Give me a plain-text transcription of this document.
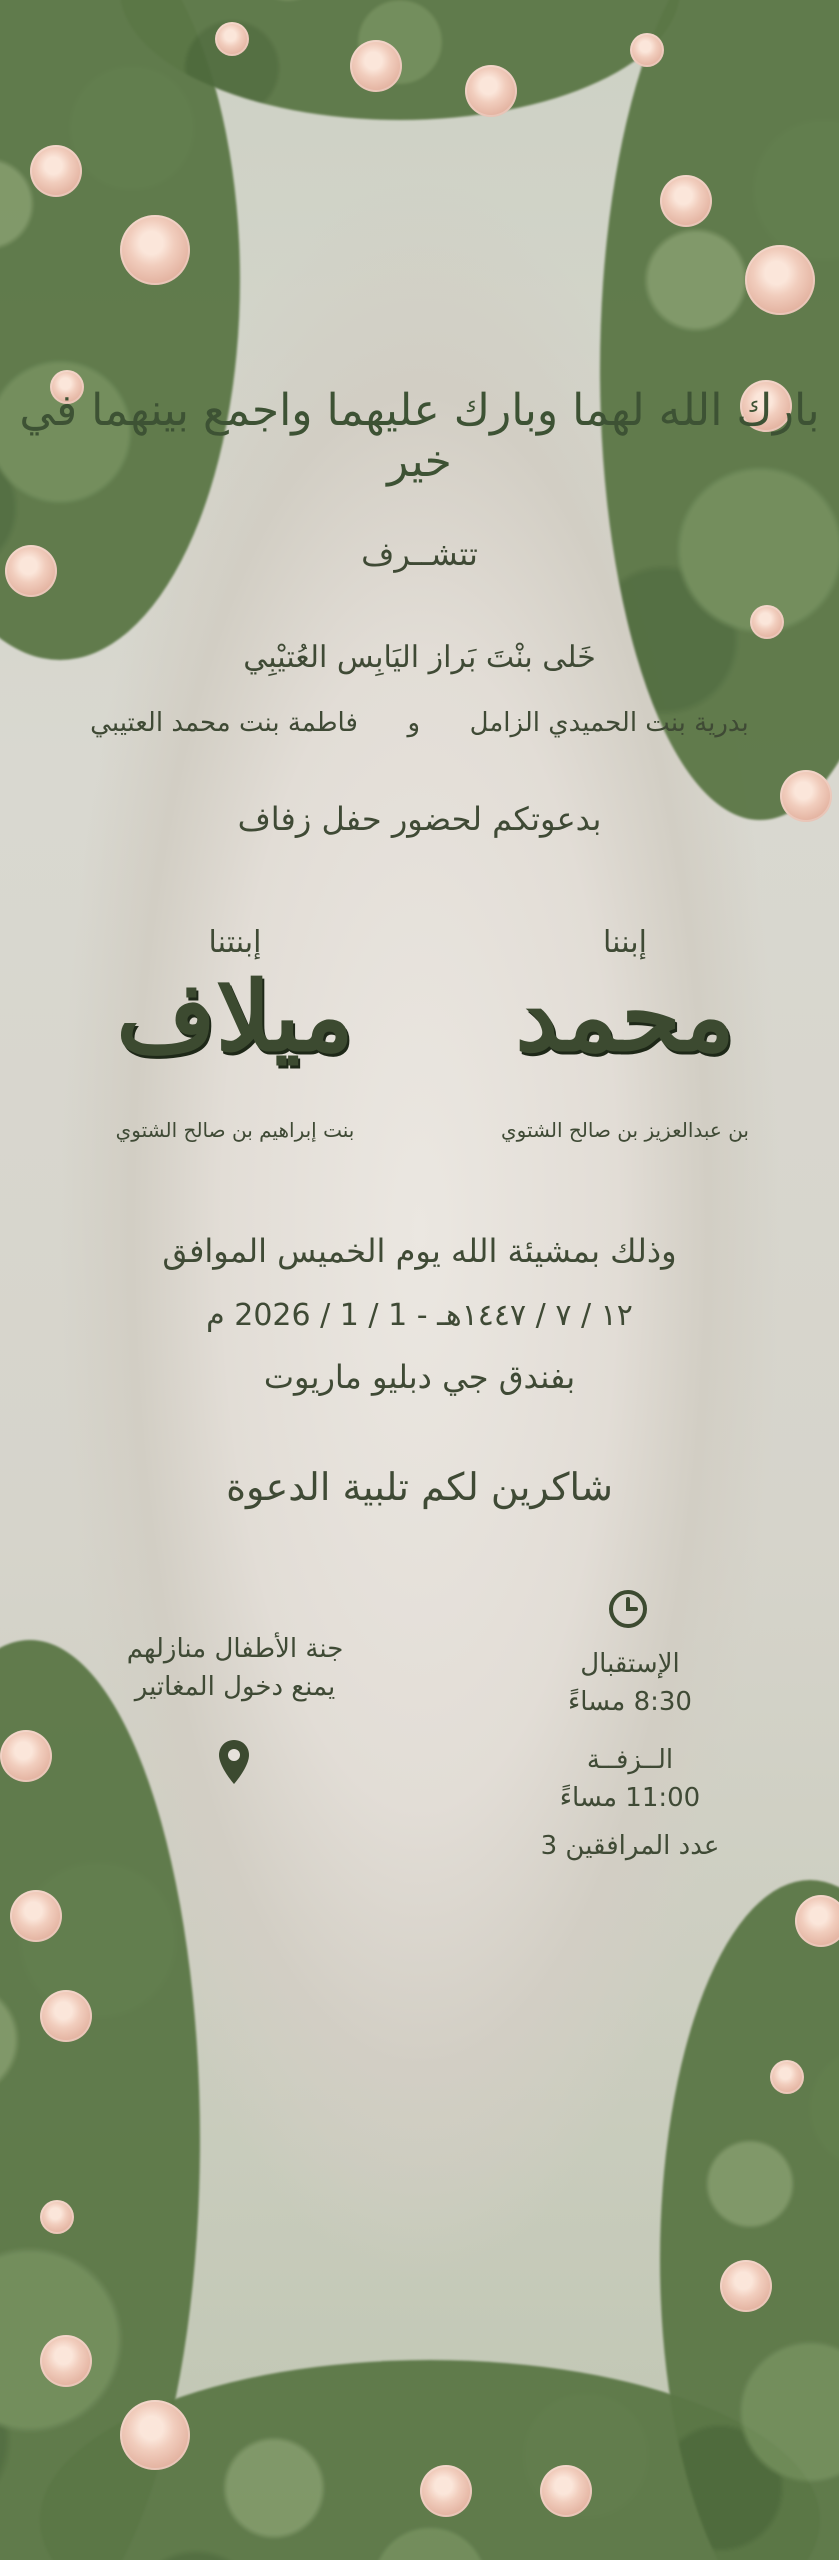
بارك الله لهما وبارك عليهما واجمع بينهما في خير
تتشــرف
خَلى بنْتَ بَراز اليَابِس العُتيْبِي
بدرية بنت الحميدي الزامل      و      فاطمة بنت محمد العتيبي
بدعوتكم لحضور حفل زفاف
إبننا
إبنتنا
محمد
ميلاف
بن عبدالعزيز بن صالح الشتوي
بنت إبراهيم بن صالح الشتوي
وذلك بمشيئة الله يوم الخميس الموافق
١٢ / ٧ / ١٤٤٧هـ - 1 / 1 / 2026 م
بفندق جي دبليو ماريوت
شاكرين لكم تلبية الدعوة
الإستقبال
8:30 مساءً
الــزفــة
11:00 مساءً
عدد المرافقين 3
جنة الأطفال منازلهم
يمنع دخول المغاتير
